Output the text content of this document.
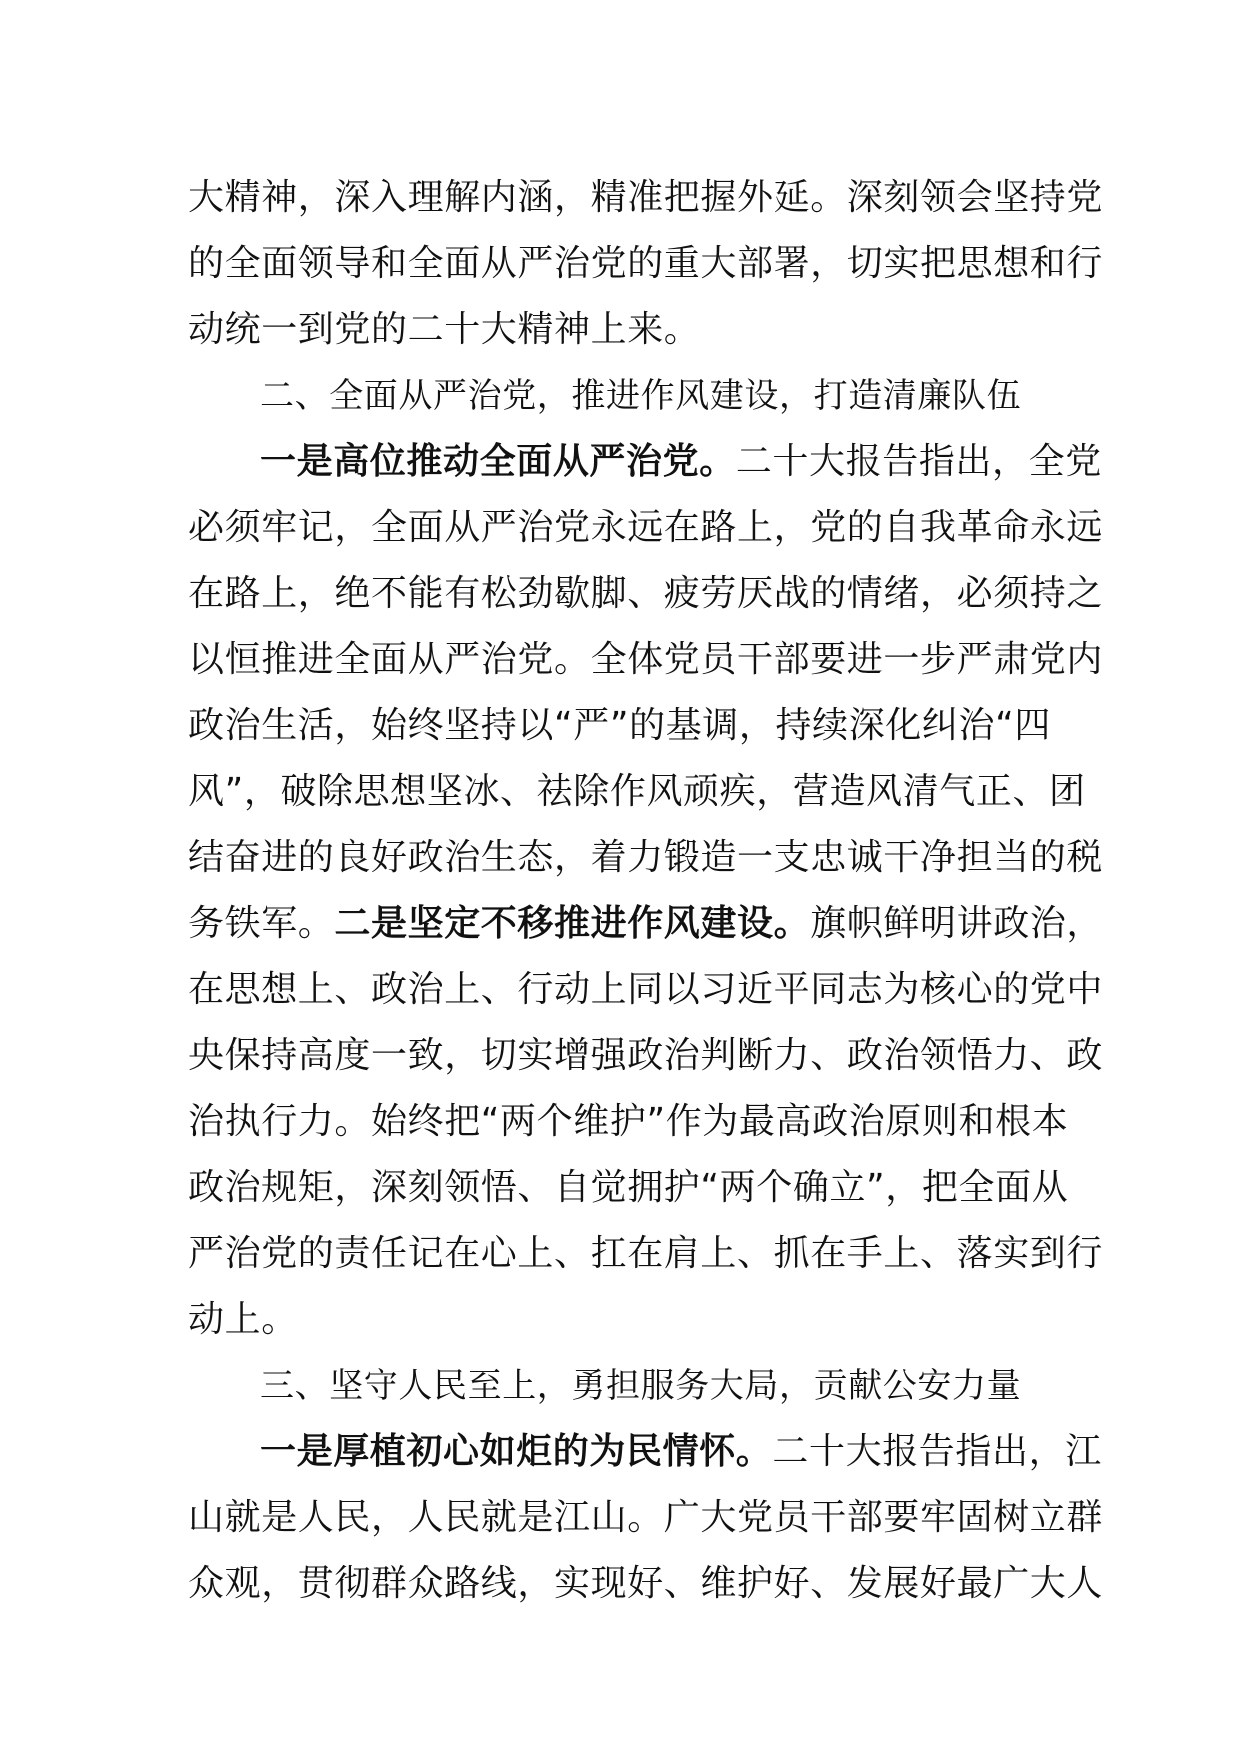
大精神，深入理解内涵，精准把握外延。深刻领会坚持党
的全面领导和全面从严治党的重大部署，切实把思想和行
动统一到党的二十大精神上来。
二、全面从严治党，推进作风建设，打造清廉队伍
一是高位推动全面从严治党。二十大报告指出，全党
必须牢记，全面从严治党永远在路上，党的自我革命永远
在路上，绝不能有松劲歇脚、疲劳厌战的情绪，必须持之
以恒推进全面从严治党。全体党员干部要进一步严肃党内
政治生活，始终坚持以“严”的基调，持续深化纠治“四
风”，破除思想坚冰、祛除作风顽疾，营造风清气正、团
结奋进的良好政治生态，着力锻造一支忠诚干净担当的税
务铁军。二是坚定不移推进作风建设。旗帜鲜明讲政治，
在思想上、政治上、行动上同以习近平同志为核心的党中
央保持高度一致，切实增强政治判断力、政治领悟力、政
治执行力。始终把“两个维护”作为最高政治原则和根本
政治规矩，深刻领悟、自觉拥护“两个确立”，把全面从
严治党的责任记在心上、扛在肩上、抓在手上、落实到行
动上。
三、坚守人民至上，勇担服务大局，贡献公安力量
一是厚植初心如炬的为民情怀。二十大报告指出，江
山就是人民，人民就是江山。广大党员干部要牢固树立群
众观，贯彻群众路线，实现好、维护好、发展好最广大人
